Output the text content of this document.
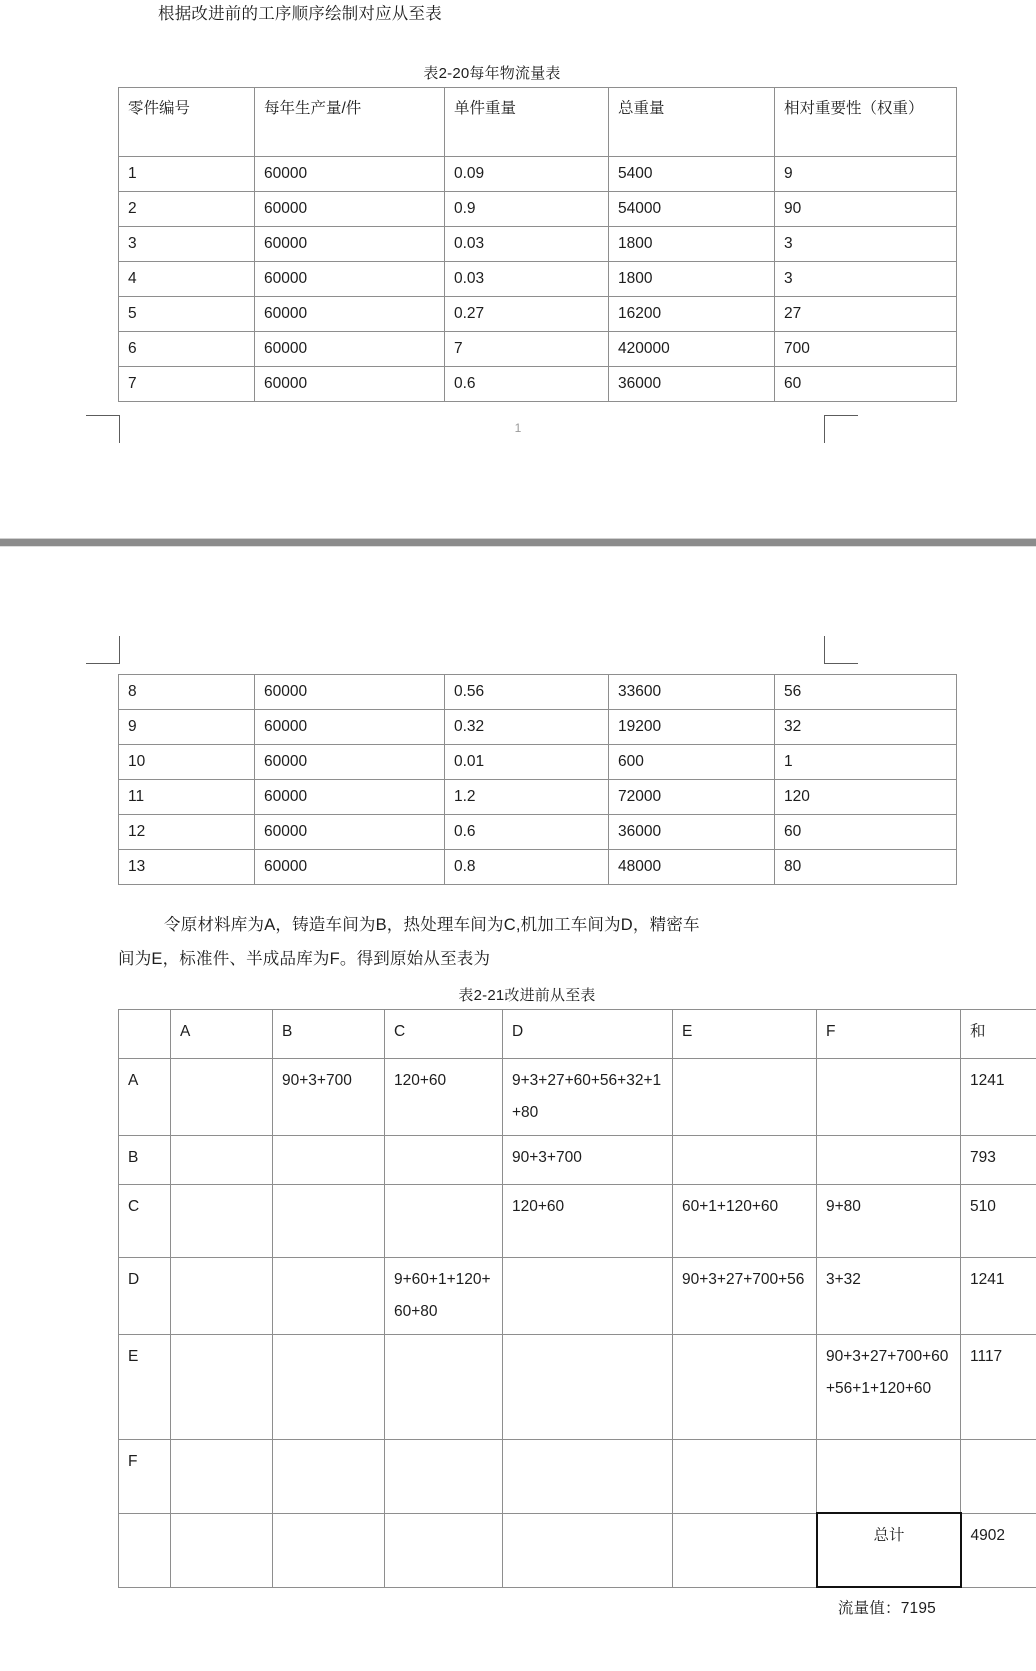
根据改进前的工序顺序绘制对应从至表
表2-20每年物流量表
零件编号	每年生产量/件	单件重量	总重量	相对重要性（权重）
1	60000	0.09	5400	9
2	60000	0.9	54000	90
3	60000	0.03	1800	3
4	60000	0.03	1800	3
5	60000	0.27	16200	27
6	60000	7	420000	700
7	60000	0.6	36000	60
1
8	60000	0.56	33600	56
9	60000	0.32	19200	32
10	60000	0.01	600	1
11	60000	1.2	72000	120
12	60000	0.6	36000	60
13	60000	0.8	48000	80
令原材料库为A，铸造车间为B，热处理车间为C,机加工车间为D，精密车
间为E，标准件、半成品库为F。得到原始从至表为
表2-21改进前从至表
	A	B	C	D	E	F	和
A		90+3+700	120+60	9+3+27+60+56+32+1+80			1241
B				90+3+700			793
C				120+60	60+1+120+60	9+80	510
D			9+60+1+120+60+80		90+3+27+700+56	3+32	1241
E						90+3+27+700+60+56+1+120+60	1117
F							
						总计	4902
流量值：7195
